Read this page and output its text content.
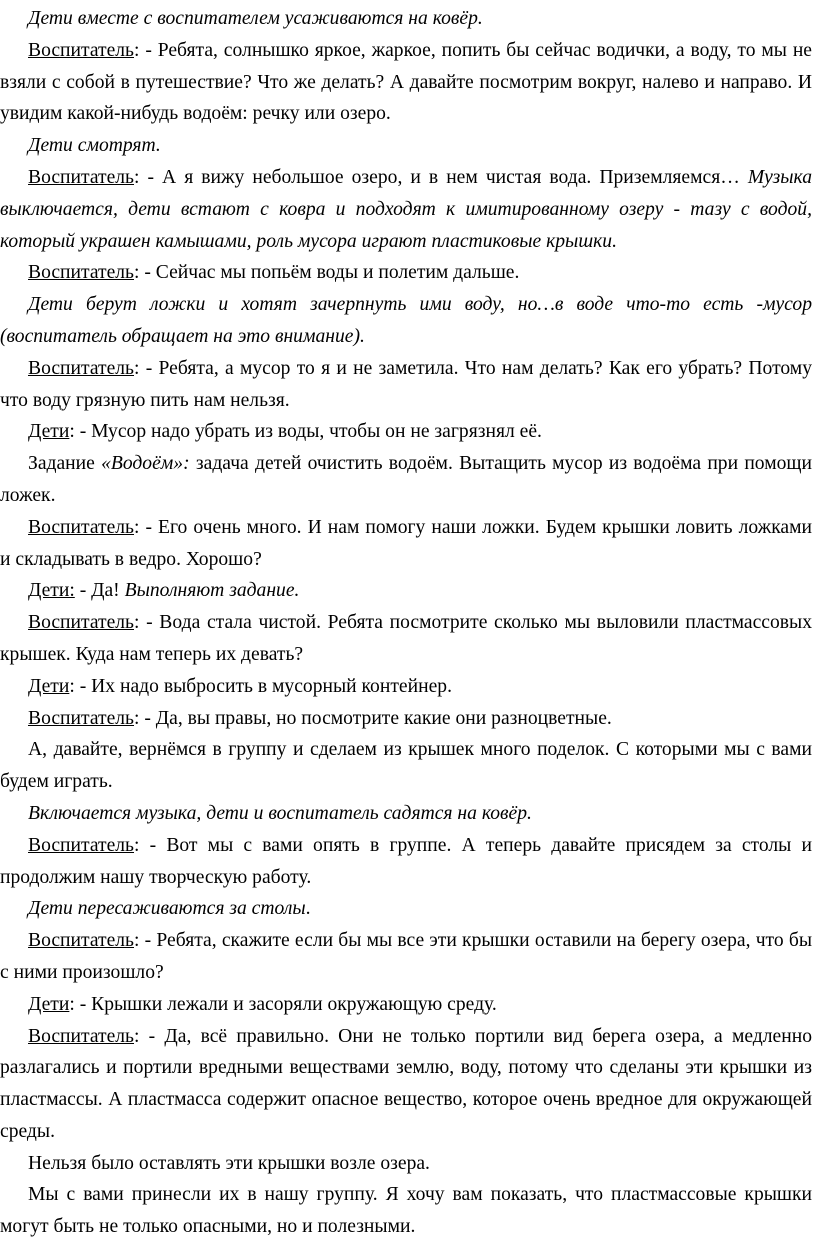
Дети вместе с воспитателем усаживаются на ковёр.

Воспитатель: - Ребята, солнышко яркое, жаркое, попить бы сейчас водички, а воду, то мы не взяли с собой в путешествие? Что же делать? А давайте посмотрим вокруг, налево и направо. И увидим какой-нибудь водоём: речку или озеро.

Дети смотрят.

Воспитатель: - А я вижу небольшое озеро, и в нем чистая вода. Приземляемся… Музыка выключается, дети встают с ковра и подходят к имитированному озеру - тазу с водой, который украшен камышами, роль мусора играют пластиковые крышки.

Воспитатель: - Сейчас мы попьём воды и полетим дальше.

Дети берут ложки и хотят зачерпнуть ими воду, но…в воде что-то есть -мусор (воспитатель обращает на это внимание).

Воспитатель: - Ребята, а мусор то я и не заметила. Что нам делать? Как его убрать? Потому что воду грязную пить нам нельзя.

Дети: - Мусор надо убрать из воды, чтобы он не загрязнял её.

Задание «Водоём»: задача детей очистить водоём. Вытащить мусор из водоёма при помощи ложек.

Воспитатель: - Его очень много. И нам помогу наши ложки. Будем крышки ловить ложками и складывать в ведро. Хорошо?

Дети: - Да! Выполняют задание.

Воспитатель: - Вода стала чистой. Ребята посмотрите сколько мы выловили пластмассовых крышек. Куда нам теперь их девать?

Дети: - Их надо выбросить в мусорный контейнер.

Воспитатель: - Да, вы правы, но посмотрите какие они разноцветные.

А, давайте, вернёмся в группу и сделаем из крышек много поделок. С которыми мы с вами будем играть.

Включается музыка, дети и воспитатель садятся на ковёр.

Воспитатель: - Вот мы с вами опять в группе. А теперь давайте присядем за столы и продолжим нашу творческую работу.

Дети пересаживаются за столы.

Воспитатель: - Ребята, скажите если бы мы все эти крышки оставили на берегу озера, что бы с ними произошло?

Дети: - Крышки лежали и засоряли окружающую среду.

Воспитатель: - Да, всё правильно. Они не только портили вид берега озера, а медленно разлагались и портили вредными веществами землю, воду, потому что сделаны эти крышки из пластмассы. А пластмасса содержит опасное вещество, которое очень вредное для окружающей среды.

Нельзя было оставлять эти крышки возле озера.

Мы с вами принесли их в нашу группу. Я хочу вам показать, что пластмассовые крышки могут быть не только опасными, но и полезными.
